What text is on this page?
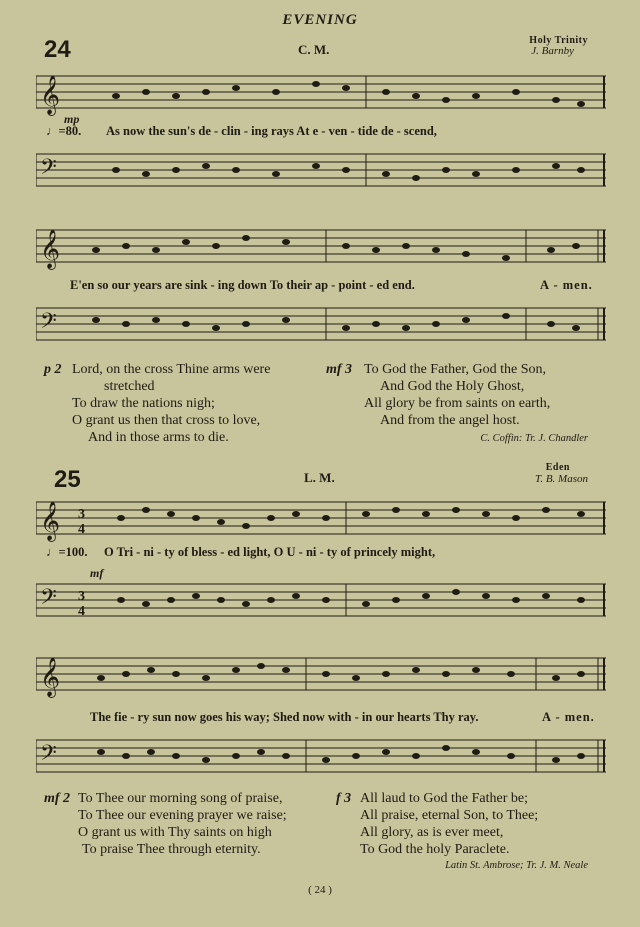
EVENING
24	C. M.
Holy Trinity
J. Barnby
𝄞
mp
♩=80. As now the sun's de - clin - ing rays At e - ven - tide de - scend,
𝄢
𝄞
E'en so our years are sink - ing down To their ap - point - ed end.	A - men.
𝄢
p 2 Lord, on the cross Thine arms were
stretched
To draw the nations nigh;
O grant us then that cross to love,
And in those arms to die.
mf 3 To God the Father, God the Son,
And God the Holy Ghost,
All glory be from saints on earth,
And from the angel host.
C. Coffin: Tr. J. Chandler
25	L. M.
Eden
T. B. Mason
𝄞 3
4
♩=100. O Tri - ni - ty of bless - ed light, O U - ni - ty of princely might,
mf
𝄢 3
4
𝄞
The fie - ry sun now goes his way; Shed now with - in our hearts Thy ray.	A - men.
𝄢
mf 2 To Thee our morning song of praise,
To Thee our evening prayer we raise;
O grant us with Thy saints on high
To praise Thee through eternity.
f 3 All laud to God the Father be;
All praise, eternal Son, to Thee;
All glory, as is ever meet,
To God the holy Paraclete.
Latin St. Ambrose; Tr. J. M. Neale
( 24 )
